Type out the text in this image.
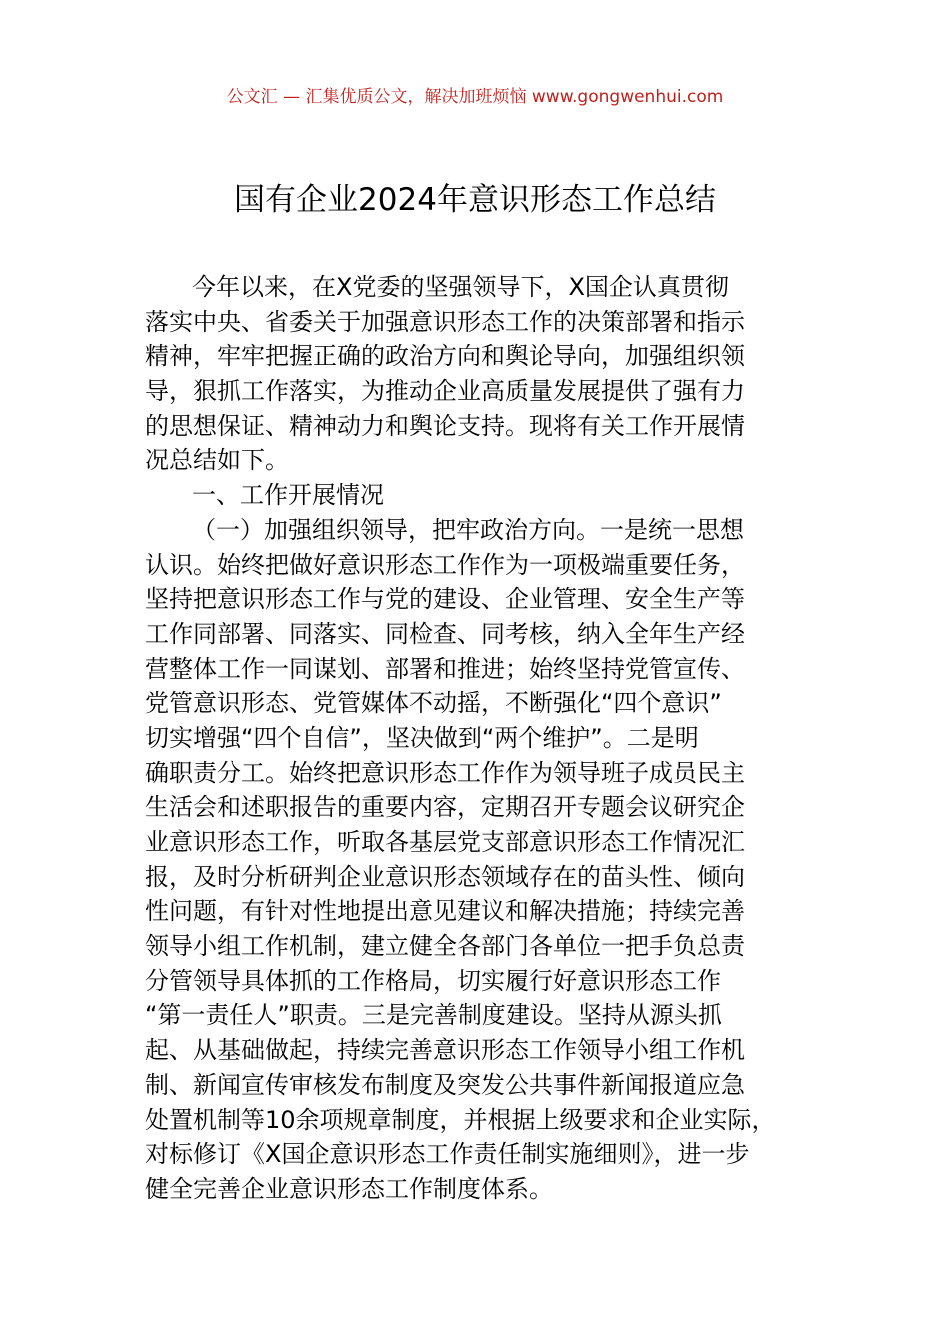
公文汇 — 汇集优质公文，解决加班烦恼 www.gongwenhui.com
国有企业2024年意识形态工作总结
今年以来，在X党委的坚强领导下，X国企认真贯彻
落实中央、省委关于加强意识形态工作的决策部署和指示
精神，牢牢把握正确的政治方向和舆论导向，加强组织领
导，狠抓工作落实，为推动企业高质量发展提供了强有力
的思想保证、精神动力和舆论支持。现将有关工作开展情
况总结如下。
一、工作开展情况
（一）加强组织领导，把牢政治方向。一是统一思想
认识。始终把做好意识形态工作作为一项极端重要任务，
坚持把意识形态工作与党的建设、企业管理、安全生产等
工作同部署、同落实、同检查、同考核，纳入全年生产经
营整体工作一同谋划、部署和推进；始终坚持党管宣传、
党管意识形态、党管媒体不动摇，不断强化“四个意识”
切实增强“四个自信”，坚决做到“两个维护”。二是明
确职责分工。始终把意识形态工作作为领导班子成员民主
生活会和述职报告的重要内容，定期召开专题会议研究企
业意识形态工作，听取各基层党支部意识形态工作情况汇
报，及时分析研判企业意识形态领域存在的苗头性、倾向
性问题，有针对性地提出意见建议和解决措施；持续完善
领导小组工作机制，建立健全各部门各单位一把手负总责
分管领导具体抓的工作格局，切实履行好意识形态工作
“第一责任人”职责。三是完善制度建设。坚持从源头抓
起、从基础做起，持续完善意识形态工作领导小组工作机
制、新闻宣传审核发布制度及突发公共事件新闻报道应急
处置机制等10余项规章制度，并根据上级要求和企业实际，
对标修订《X国企意识形态工作责任制实施细则》，进一步
健全完善企业意识形态工作制度体系。
